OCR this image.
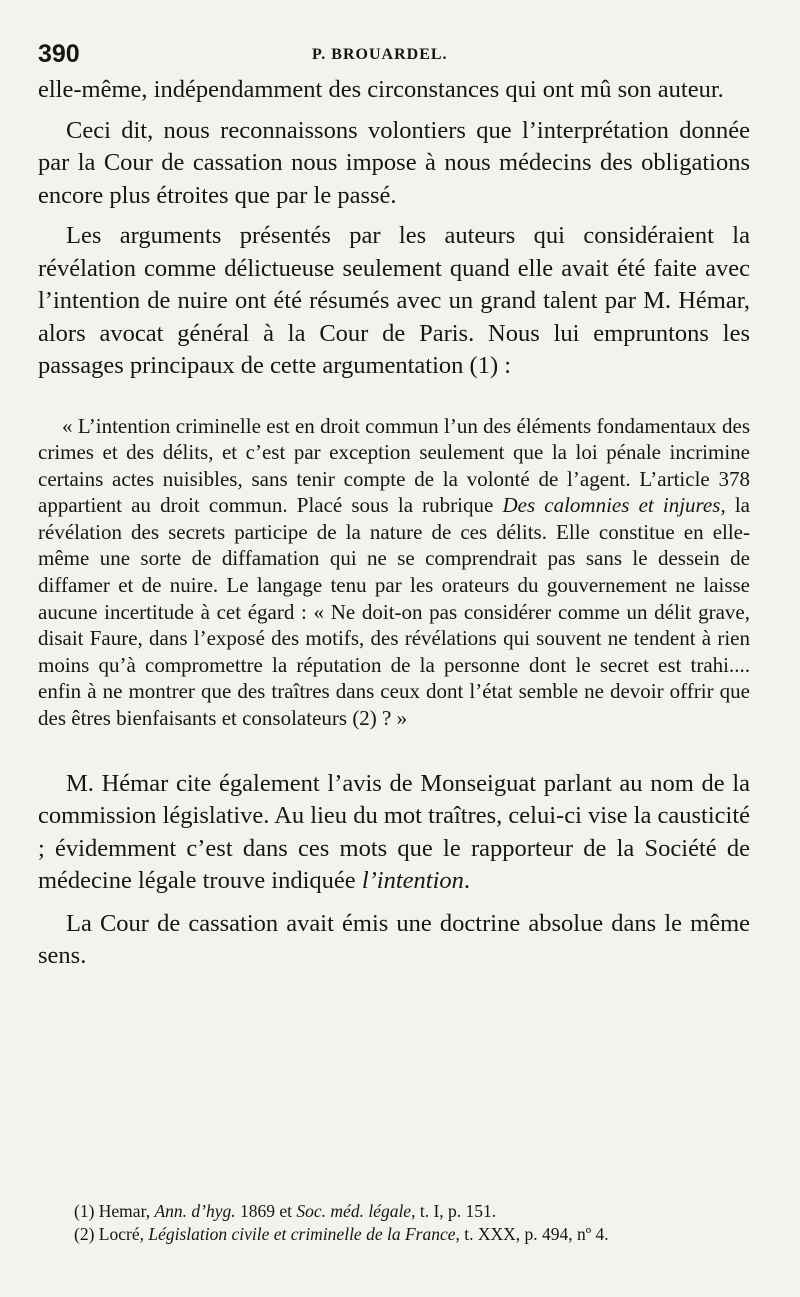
390	P. BROUARDEL.

elle-même, indépendamment des circonstances qui ont mû son auteur.

Ceci dit, nous reconnaissons volontiers que l’interprétation donnée par la Cour de cassation nous impose à nous médecins des obligations encore plus étroites que par le passé.

Les arguments présentés par les auteurs qui considéraient la révélation comme délictueuse seulement quand elle avait été faite avec l’intention de nuire ont été résumés avec un grand talent par M. Hémar, alors avocat général à la Cour de Paris. Nous lui empruntons les passages principaux de cette argumentation (1) :

« L’intention criminelle est en droit commun l’un des éléments fondamentaux des crimes et des délits, et c’est par exception seulement que la loi pénale incrimine certains actes nuisibles, sans tenir compte de la volonté de l’agent. L’article 378 appartient au droit commun. Placé sous la rubrique Des calomnies et injures, la révélation des secrets participe de la nature de ces délits. Elle constitue en elle-même une sorte de diffamation qui ne se comprendrait pas sans le dessein de diffamer et de nuire. Le langage tenu par les orateurs du gouvernement ne laisse aucune incertitude à cet égard : « Ne doit-on pas considérer comme un délit grave, disait Faure, dans l’exposé des motifs, des révélations qui souvent ne tendent à rien moins qu’à compromettre la réputation de la personne dont le secret est trahi.... enfin à ne montrer que des traîtres dans ceux dont l’état semble ne devoir offrir que des êtres bienfaisants et consolateurs (2) ? »

M. Hémar cite également l’avis de Monseiguat parlant au nom de la commission législative. Au lieu du mot traîtres, celui-ci vise la causticité ; évidemment c’est dans ces mots que le rapporteur de la Société de médecine légale trouve indiquée l’intention.

La Cour de cassation avait émis une doctrine absolue dans le même sens.

(1) Hemar, Ann. d’hyg. 1869 et Soc. méd. légale, t. I, p. 151.

(2) Locré, Législation civile et criminelle de la France, t. XXX, p. 494, nº 4.
